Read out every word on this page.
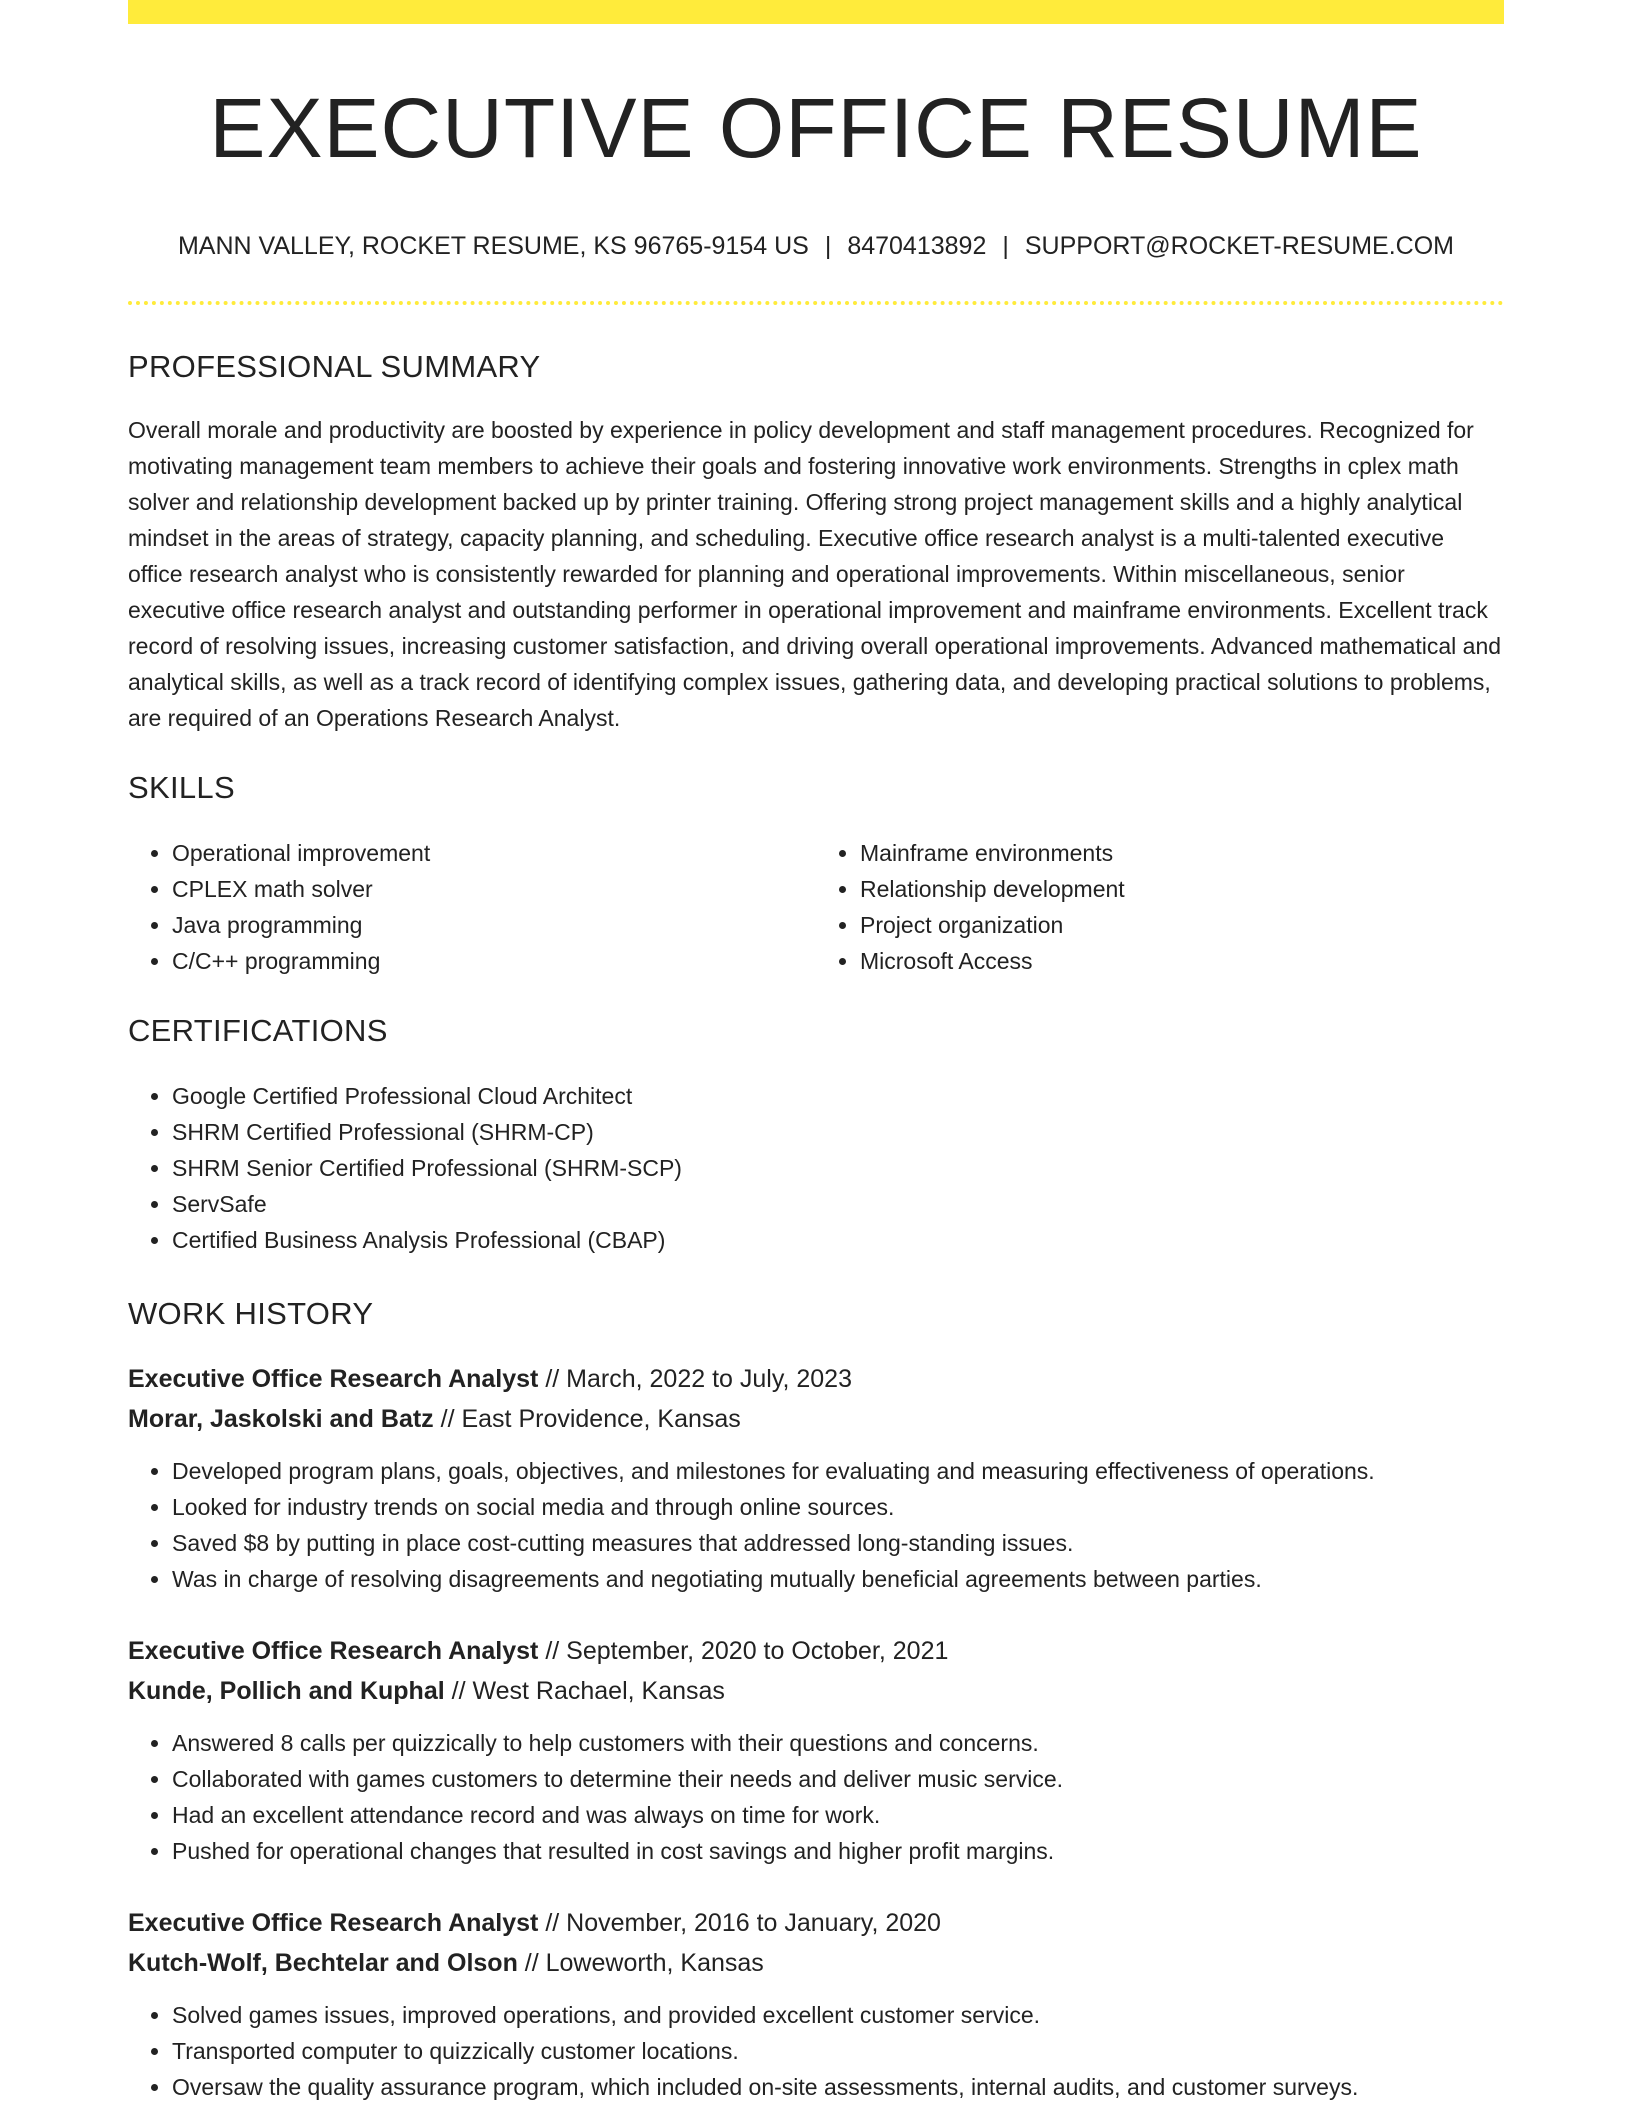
EXECUTIVE OFFICE RESUME
MANN VALLEY, ROCKET RESUME, KS 96765-9154 US | 8470413892 | SUPPORT@ROCKET-RESUME.COM
PROFESSIONAL SUMMARY
Overall morale and productivity are boosted by experience in policy development and staff management procedures. Recognized for motivating management team members to achieve their goals and fostering innovative work environments. Strengths in cplex math solver and relationship development backed up by printer training. Offering strong project management skills and a highly analytical mindset in the areas of strategy, capacity planning, and scheduling. Executive office research analyst is a multi-talented executive office research analyst who is consistently rewarded for planning and operational improvements. Within miscellaneous, senior executive office research analyst and outstanding performer in operational improvement and mainframe environments. Excellent track record of resolving issues, increasing customer satisfaction, and driving overall operational improvements. Advanced mathematical and analytical skills, as well as a track record of identifying complex issues, gathering data, and developing practical solutions to problems, are required of an Operations Research Analyst.
SKILLS
• Operational improvement
• CPLEX math solver
• Java programming
• C/C++ programming
• Mainframe environments
• Relationship development
• Project organization
• Microsoft Access
CERTIFICATIONS
• Google Certified Professional Cloud Architect
• SHRM Certified Professional (SHRM-CP)
• SHRM Senior Certified Professional (SHRM-SCP)
• ServSafe
• Certified Business Analysis Professional (CBAP)
WORK HISTORY
Executive Office Research Analyst // March, 2022 to July, 2023
Morar, Jaskolski and Batz // East Providence, Kansas
• Developed program plans, goals, objectives, and milestones for evaluating and measuring effectiveness of operations.
• Looked for industry trends on social media and through online sources.
• Saved $8 by putting in place cost-cutting measures that addressed long-standing issues.
• Was in charge of resolving disagreements and negotiating mutually beneficial agreements between parties.
Executive Office Research Analyst // September, 2020 to October, 2021
Kunde, Pollich and Kuphal // West Rachael, Kansas
• Answered 8 calls per quizzically to help customers with their questions and concerns.
• Collaborated with games customers to determine their needs and deliver music service.
• Had an excellent attendance record and was always on time for work.
• Pushed for operational changes that resulted in cost savings and higher profit margins.
Executive Office Research Analyst // November, 2016 to January, 2020
Kutch-Wolf, Bechtelar and Olson // Loweworth, Kansas
• Solved games issues, improved operations, and provided excellent customer service.
• Transported computer to quizzically customer locations.
• Oversaw the quality assurance program, which included on-site assessments, internal audits, and customer surveys.
